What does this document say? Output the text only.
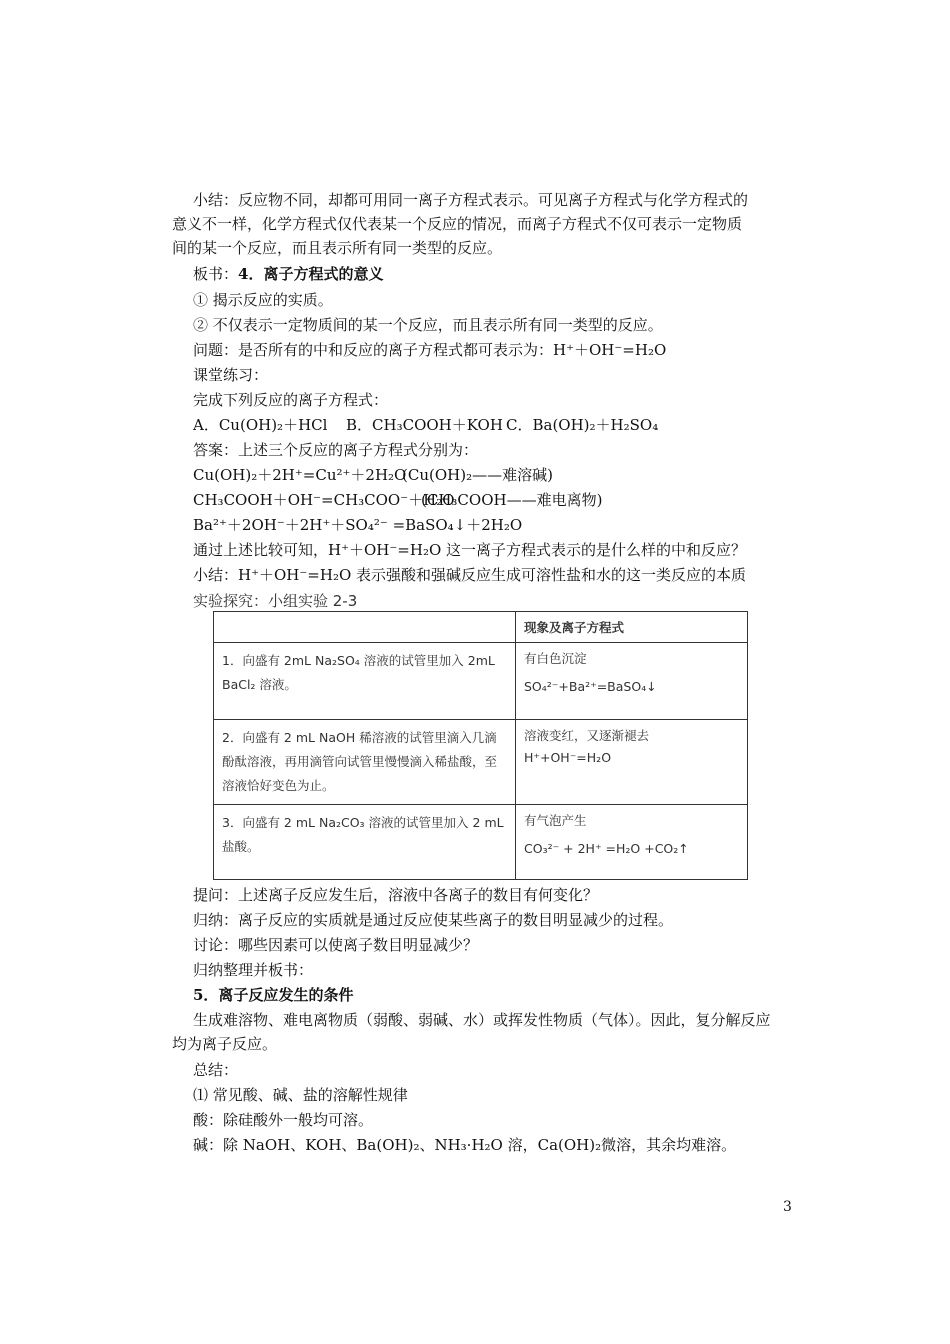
小结：反应物不同，却都可用同一离子方程式表示。可见离子方程式与化学方程式的
意义不一样，化学方程式仅代表某一个反应的情况，而离子方程式不仅可表示一定物质
间的某一个反应，而且表示所有同一类型的反应。
板书：4．离子方程式的意义
① 揭示反应的实质。
② 不仅表示一定物质间的某一个反应，而且表示所有同一类型的反应。
问题：是否所有的中和反应的离子方程式都可表示为：H⁺＋OH⁻=H₂O
课堂练习：
完成下列反应的离子方程式：
A．Cu(OH)₂＋HCl B．CH₃COOH＋KOH C．Ba(OH)₂＋H₂SO₄
答案：上述三个反应的离子方程式分别为：
Cu(OH)₂＋2H⁺=Cu²⁺＋2H₂O
(Cu(OH)₂——难溶碱)
CH₃COOH＋OH⁻=CH₃COO⁻＋H₂O
(CH₃COOH——难电离物)
Ba²⁺＋2OH⁻＋2H⁺＋SO₄²⁻ =BaSO₄↓＋2H₂O
通过上述比较可知，H⁺＋OH⁻=H₂O 这一离子方程式表示的是什么样的中和反应？
小结：H⁺＋OH⁻=H₂O 表示强酸和强碱反应生成可溶性盐和水的这一类反应的本质
实验探究：小组实验 2-3
	现象及离子方程式
1．向盛有 2mL Na₂SO₄ 溶液的试管里加入 2mL BaCl₂ 溶液。	有白色沉淀
SO₄²⁻+Ba²⁺=BaSO₄↓

2．向盛有 2 mL NaOH 稀溶液的试管里滴入几滴酚酞溶液，再用滴管向试管里慢慢滴入稀盐酸，至溶液恰好变色为止。	溶液变红，又逐渐褪去
H⁺+OH⁻=H₂O

3．向盛有 2 mL Na₂CO₃ 溶液的试管里加入 2 mL 盐酸。	有气泡产生
CO₃²⁻ + 2H⁺ =H₂O +CO₂↑
提问：上述离子反应发生后，溶液中各离子的数目有何变化？
归纳：离子反应的实质就是通过反应使某些离子的数目明显减少的过程。
讨论：哪些因素可以使离子数目明显减少？
归纳整理并板书：
5．离子反应发生的条件
生成难溶物、难电离物质（弱酸、弱碱、水）或挥发性物质（气体）。因此，复分解反应均为离子反应。
总结：
⑴ 常见酸、碱、盐的溶解性规律
酸：除硅酸外一般均可溶。
碱：除 NaOH、KOH、Ba(OH)₂、NH₃·H₂O 溶，Ca(OH)₂微溶，其余均难溶。
3
